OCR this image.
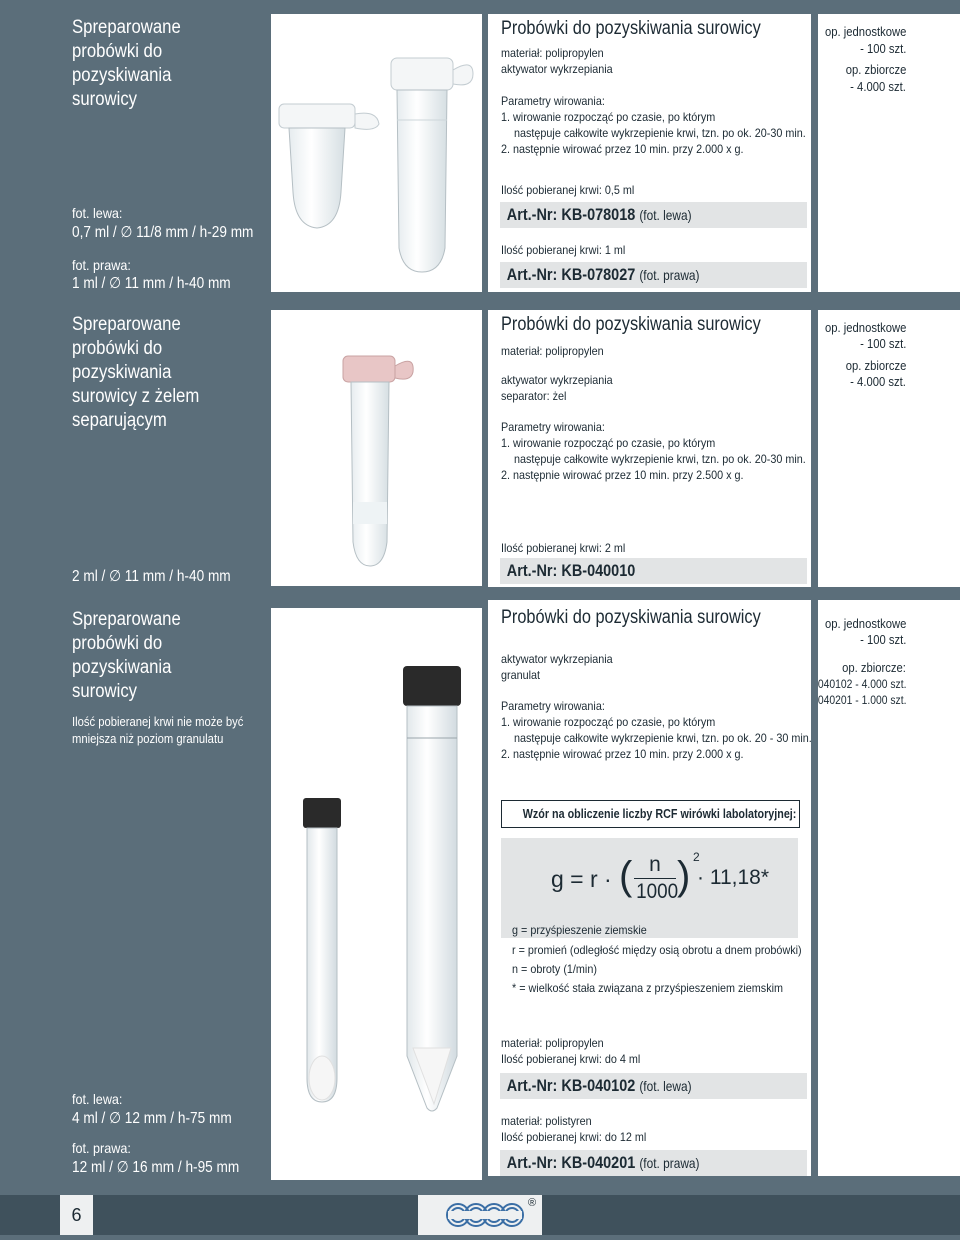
Spreparowane probówki do pozyskiwania surowicy
fot. lewa:
0,7 ml / ∅ 11/8 mm / h-29 mm
fot. prawa:
1 ml / ∅ 11 mm / h-40 mm
Probówki do pozyskiwania surowicy
materiał: polipropylen
aktywator wykrzepiania
Parametry wirowania:
1. wirowanie rozpocząć po czasie, po którym
następuje całkowite wykrzepienie krwi, tzn. po ok. 20-30 min.
2. następnie wirować przez 10 min. przy 2.000 x g.
Ilość pobieranej krwi: 0,5 ml
Ilość pobieranej krwi: 1 ml
Art.-Nr: KB-078018 (fot. lewa)
Art.-Nr: KB-078027 (fot. prawa)
op. jednostkowe
- 100 szt.
op. zbiorcze
- 4.000 szt.
Spreparowane probówki do pozyskiwania surowicy z żelem separującym
2 ml / ∅ 11 mm / h-40 mm
Probówki do pozyskiwania surowicy
materiał: polipropylen
aktywator wykrzepiania
separator: żel
Parametry wirowania:
1. wirowanie rozpocząć po czasie, po którym
następuje całkowite wykrzepienie krwi, tzn. po ok. 20-30 min.
2. następnie wirować przez 10 min. przy 2.500 x g.
Ilość pobieranej krwi: 2 ml
Art.-Nr: KB-040010
op. jednostkowe
- 100 szt.
op. zbiorcze
- 4.000 szt.
Spreparowane probówki do pozyskiwania surowicy
Ilość pobieranej krwi nie może być mniejsza niż poziom granulatu
fot. lewa:
4 ml / ∅ 12 mm / h-75 mm
fot. prawa:
12 ml / ∅ 16 mm / h-95 mm
Probówki do pozyskiwania surowicy
aktywator wykrzepiania
granulat
Parametry wirowania:
1. wirowanie rozpocząć po czasie, po którym
następuje całkowite wykrzepienie krwi, tzn. po ok. 20 - 30 min.
2. następnie wirować przez 10 min. przy 2.000 x g.
Wzór na obliczenie liczby RCF wirówki labolatoryjnej:
g = r · ( n
1000
) 2
· 11,18*
g = przyśpieszenie ziemskie
r = promień (odległość między osią obrotu a dnem probówki)
n = obroty (1/min)
* = wielkość stała związana z przyśpieszeniem ziemskim
materiał: polipropylen
Ilość pobieranej krwi: do 4 ml
materiał: polistyren
Ilość pobieranej krwi: do 12 ml
Art.-Nr: KB-040102 (fot. lewa)
Art.-Nr: KB-040201 (fot. prawa)
op. jednostkowe
- 100 szt.
op. zbiorcze:
040102 - 4.000 szt.
040201 - 1.000 szt.
6
®
